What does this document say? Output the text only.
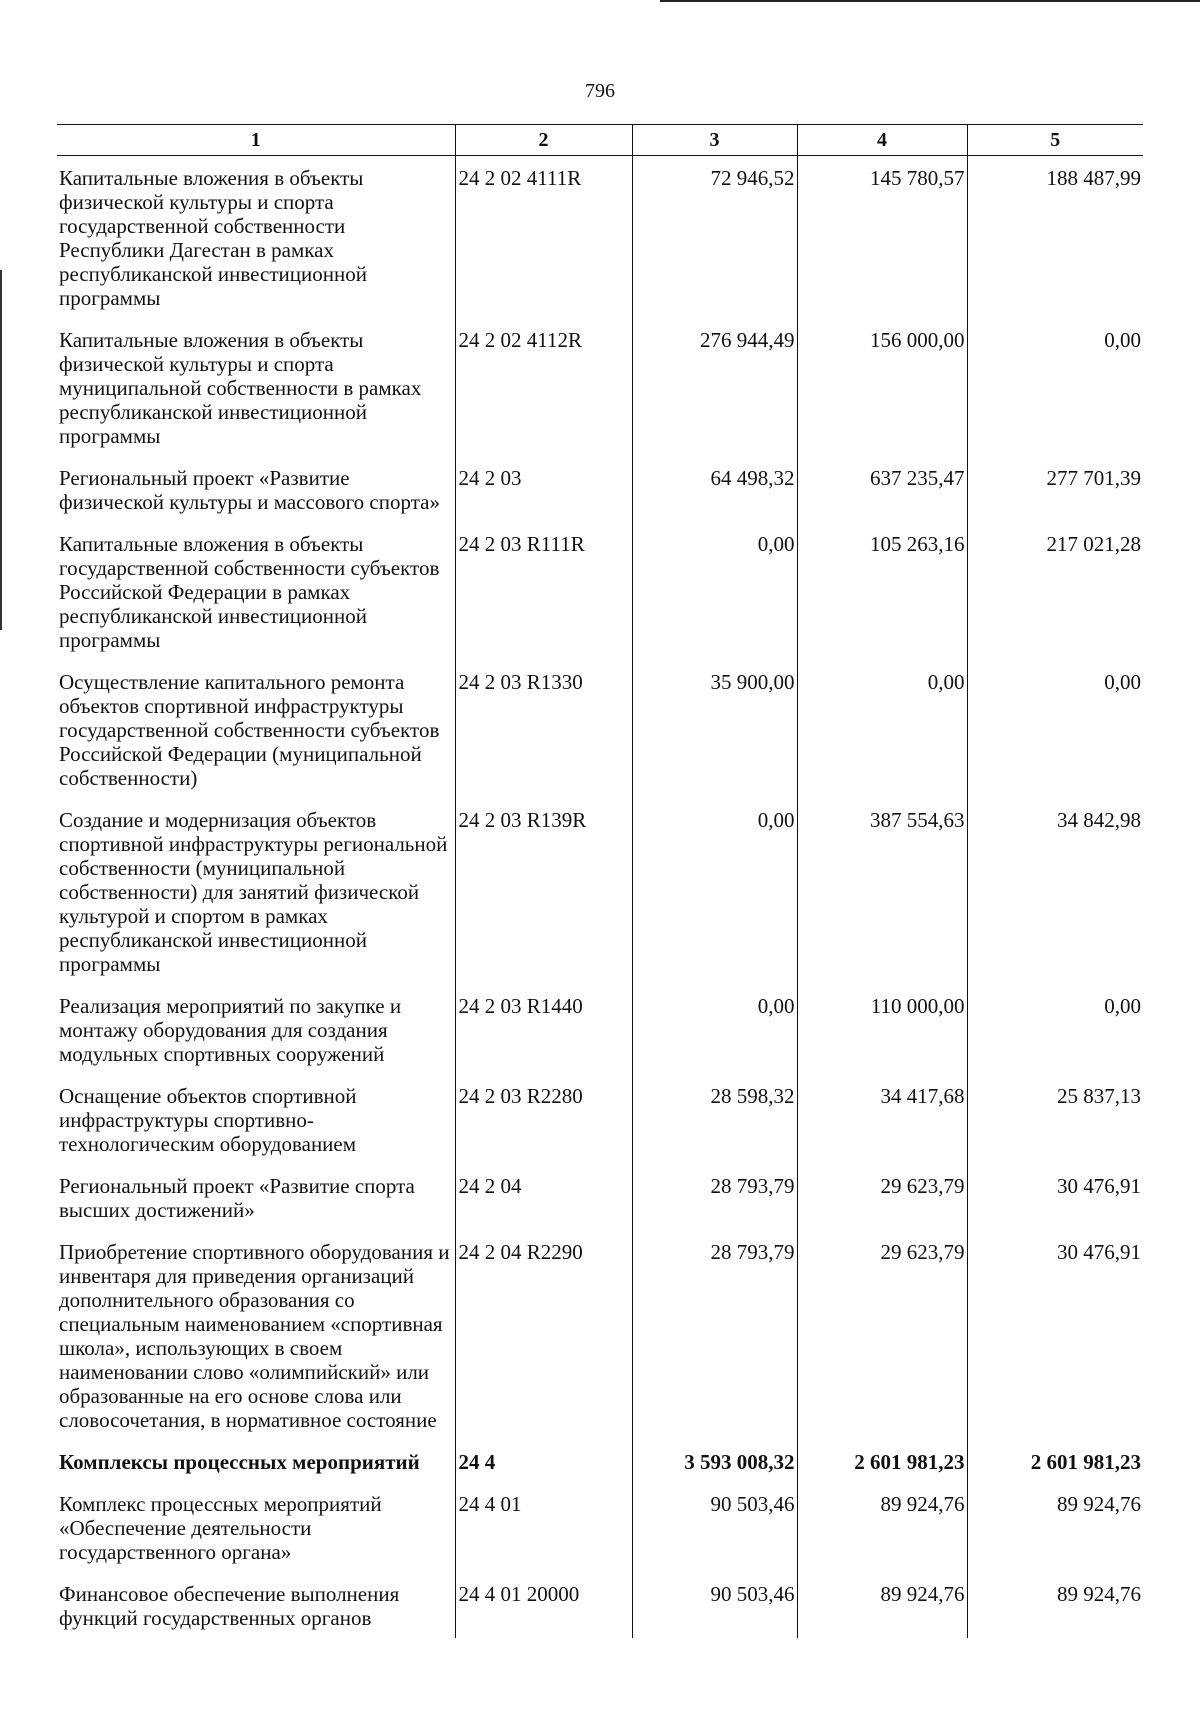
796
1	2	3	4	5
Капитальные вложения в объекты физической культуры и спорта государственной собственности Республики Дагестан в рамках республиканской инвестиционной программы	24 2 02 4111R	72 946,52	145 780,57	188 487,99
Капитальные вложения в объекты физической культуры и спорта муниципальной собственности в рамках республиканской инвестиционной программы	24 2 02 4112R	276 944,49	156 000,00	0,00
Региональный проект «Развитие физической культуры и массового спорта»	24 2 03	64 498,32	637 235,47	277 701,39
Капитальные вложения в объекты государственной собственности субъектов Российской Федерации в рамках республиканской инвестиционной программы	24 2 03 R111R	0,00	105 263,16	217 021,28
Осуществление капитального ремонта объектов спортивной инфраструктуры государственной собственности субъектов Российской Федерации (муниципальной собственности)	24 2 03 R1330	35 900,00	0,00	0,00
Создание и модернизация объектов спортивной инфраструктуры региональной собственности (муниципальной собственности) для занятий физической культурой и спортом в рамках республиканской инвестиционной программы	24 2 03 R139R	0,00	387 554,63	34 842,98
Реализация мероприятий по закупке и монтажу оборудования для создания модульных спортивных сооружений	24 2 03 R1440	0,00	110 000,00	0,00
Оснащение объектов спортивной инфраструктуры спортивно-технологическим оборудованием	24 2 03 R2280	28 598,32	34 417,68	25 837,13
Региональный проект «Развитие спорта высших достижений»	24 2 04	28 793,79	29 623,79	30 476,91
Приобретение спортивного оборудования и инвентаря для приведения организаций дополнительного образования со специальным наименованием «спортивная школа», использующих в своем наименовании слово «олимпийский» или образованные на его основе слова или словосочетания, в нормативное состояние	24 2 04 R2290	28 793,79	29 623,79	30 476,91
Комплексы процессных мероприятий	24 4	3 593 008,32	2 601 981,23	2 601 981,23
Комплекс процессных мероприятий «Обеспечение деятельности государственного органа»	24 4 01	90 503,46	89 924,76	89 924,76
Финансовое обеспечение выполнения функций государственных органов	24 4 01 20000	90 503,46	89 924,76	89 924,76
